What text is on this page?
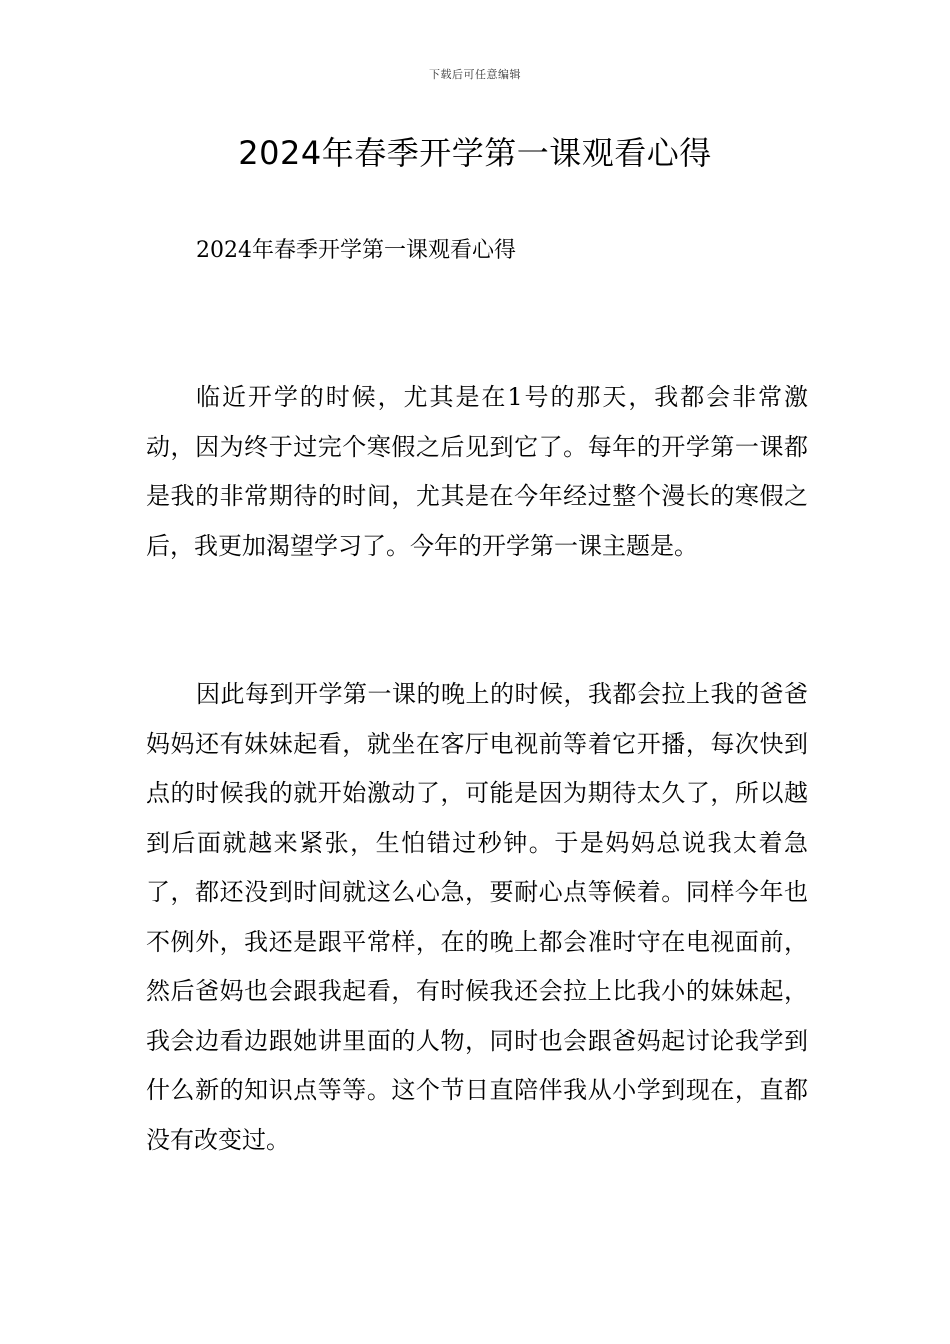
下载后可任意编辑
2024年春季开学第一课观看心得

2024年春季开学第一课观看心得

临近开学的时候，尤其是在1号的那天，我都会非常激动，因为终于过完个寒假之后见到它了。每年的开学第一课都是我的非常期待的时间，尤其是在今年经过整个漫长的寒假之后，我更加渴望学习了。今年的开学第一课主题是。

因此每到开学第一课的晚上的时候，我都会拉上我的爸爸妈妈还有妹妹起看，就坐在客厅电视前等着它开播，每次快到点的时候我的就开始激动了，可能是因为期待太久了，所以越到后面就越来紧张，生怕错过秒钟。于是妈妈总说我太着急了，都还没到时间就这么心急，要耐心点等候着。同样今年也不例外，我还是跟平常样，在的晚上都会准时守在电视面前，然后爸妈也会跟我起看，有时候我还会拉上比我小的妹妹起，我会边看边跟她讲里面的人物，同时也会跟爸妈起讨论我学到什么新的知识点等等。这个节日直陪伴我从小学到现在，直都没有改变过。
